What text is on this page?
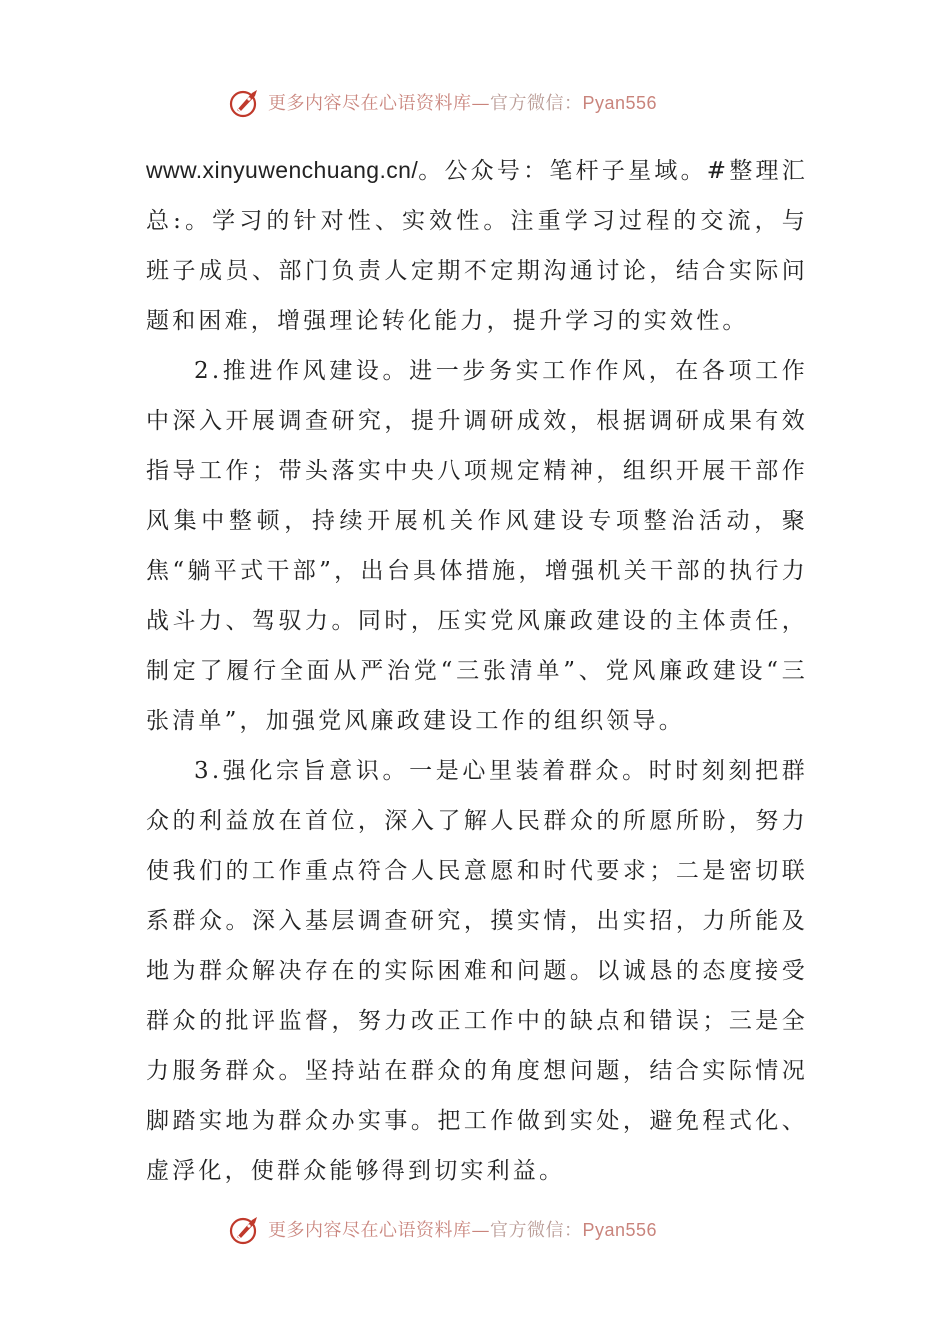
更多内容尽在心语资料库—官方微信：Pyan556

www.xinyuwenchuang.cn/。公众号：笔杆子星域。#整理汇总:。学习的针对性、实效性。注重学习过程的交流，与班子成员、部门负责人定期不定期沟通讨论，结合实际问题和困难，增强理论转化能力，提升学习的实效性。

2.推进作风建设。进一步务实工作作风，在各项工作中深入开展调查研究，提升调研成效，根据调研成果有效指导工作；带头落实中央八项规定精神，组织开展干部作风集中整顿，持续开展机关作风建设专项整治活动，聚焦“躺平式干部”，出台具体措施，增强机关干部的执行力战斗力、驾驭力。同时，压实党风廉政建设的主体责任，制定了履行全面从严治党“三张清单”、党风廉政建设“三张清单”，加强党风廉政建设工作的组织领导。

3.强化宗旨意识。一是心里装着群众。时时刻刻把群众的利益放在首位，深入了解人民群众的所愿所盼，努力使我们的工作重点符合人民意愿和时代要求；二是密切联系群众。深入基层调查研究，摸实情，出实招，力所能及地为群众解决存在的实际困难和问题。以诚恳的态度接受群众的批评监督，努力改正工作中的缺点和错误；三是全力服务群众。坚持站在群众的角度想问题，结合实际情况脚踏实地为群众办实事。把工作做到实处，避免程式化、虚浮化，使群众能够得到切实利益。

更多内容尽在心语资料库—官方微信：Pyan556
